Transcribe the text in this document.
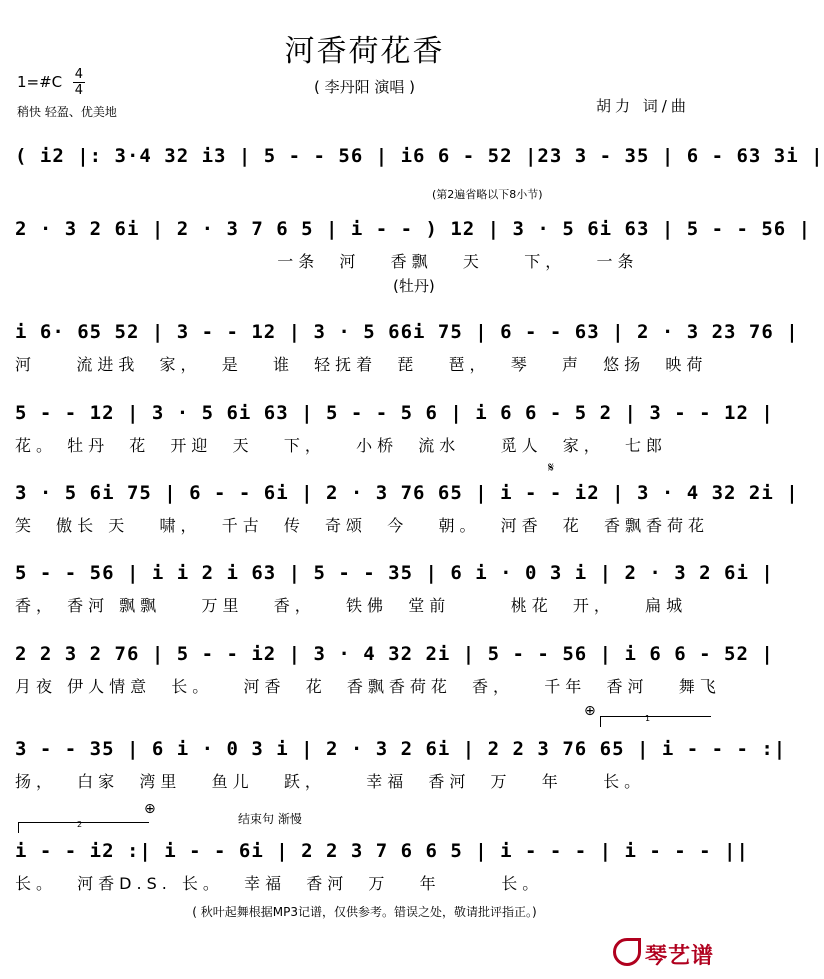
河香荷花香
( 李丹阳 演唱 )
1=#C $\frac{4}{4}$
稍快 轻盈、优美地	胡力 词/曲
(第2遍省略以下8小节)
(牡丹)
𝄋
结束句 渐慢
( i2 |: 3·4 32 i3 | 5 - - 56 | i6 6 - 52 |23 3 - 35 | 6 - 63 3i |
2 · 3 2 6i | 2 · 3 7 6 5 | i - - ) 12 | 3 · 5 6i 63 | 5 - - 56 |
一条  河   香飘   天    下，   一条
i 6· 65 52 | 3 - - 12 | 3 · 5 66i 75 | 6 - - 63 | 2 · 3 23 76 |
河    流进我  家，  是   谁  轻抚着  琵   琶，  琴   声  悠扬  映荷
5 - - 12 | 3 · 5 6i 63 | 5 - - 5 6 | i 6 6 - 5 2 | 3 - - 12 |
花。 牡丹  花  开迎  天   下，   小桥  流水    觅人  家，  七郎
3 · 5 6i 75 | 6 - - 6i | 2 · 3 76 65 | i - - i2 | 3 · 4 32 2i |
笑  傲长 天   啸，  千古  传  奇颂  今   朝。  河香  花  香飘香荷花
5 - - 56 | i i 2 i 63 | 5 - - 35 | 6 i · 0 3 i | 2 · 3 2 6i |
香， 香河 飘飘    万里   香，   铁佛  堂前      桃花  开，   扁城
2 2 3 2 76 | 5 - - i2 | 3 · 4 32 2i | 5 - - 56 | i 6 6 - 52 |
月夜 伊人情意  长。   河香  花  香飘香荷花  香，   千年  香河   舞飞
⊕	1
3 - - 35 | 6 i · 0 3 i | 2 · 3 2 6i | 2 2 3 76 65 | i - - - :|
扬，  白家  湾里   鱼儿   跃，    幸福  香河  万   年    长。
2
⊕
i - - i2 :| i - - 6i | 2 2 3 7 6 6 5 | i - - - | i - - - ||
长。  河香D.S. 长。  幸福  香河  万   年      长。
( 秋叶起舞根据MP3记谱，仅供参考。错误之处，敬请批评指正。)
琴艺谱
